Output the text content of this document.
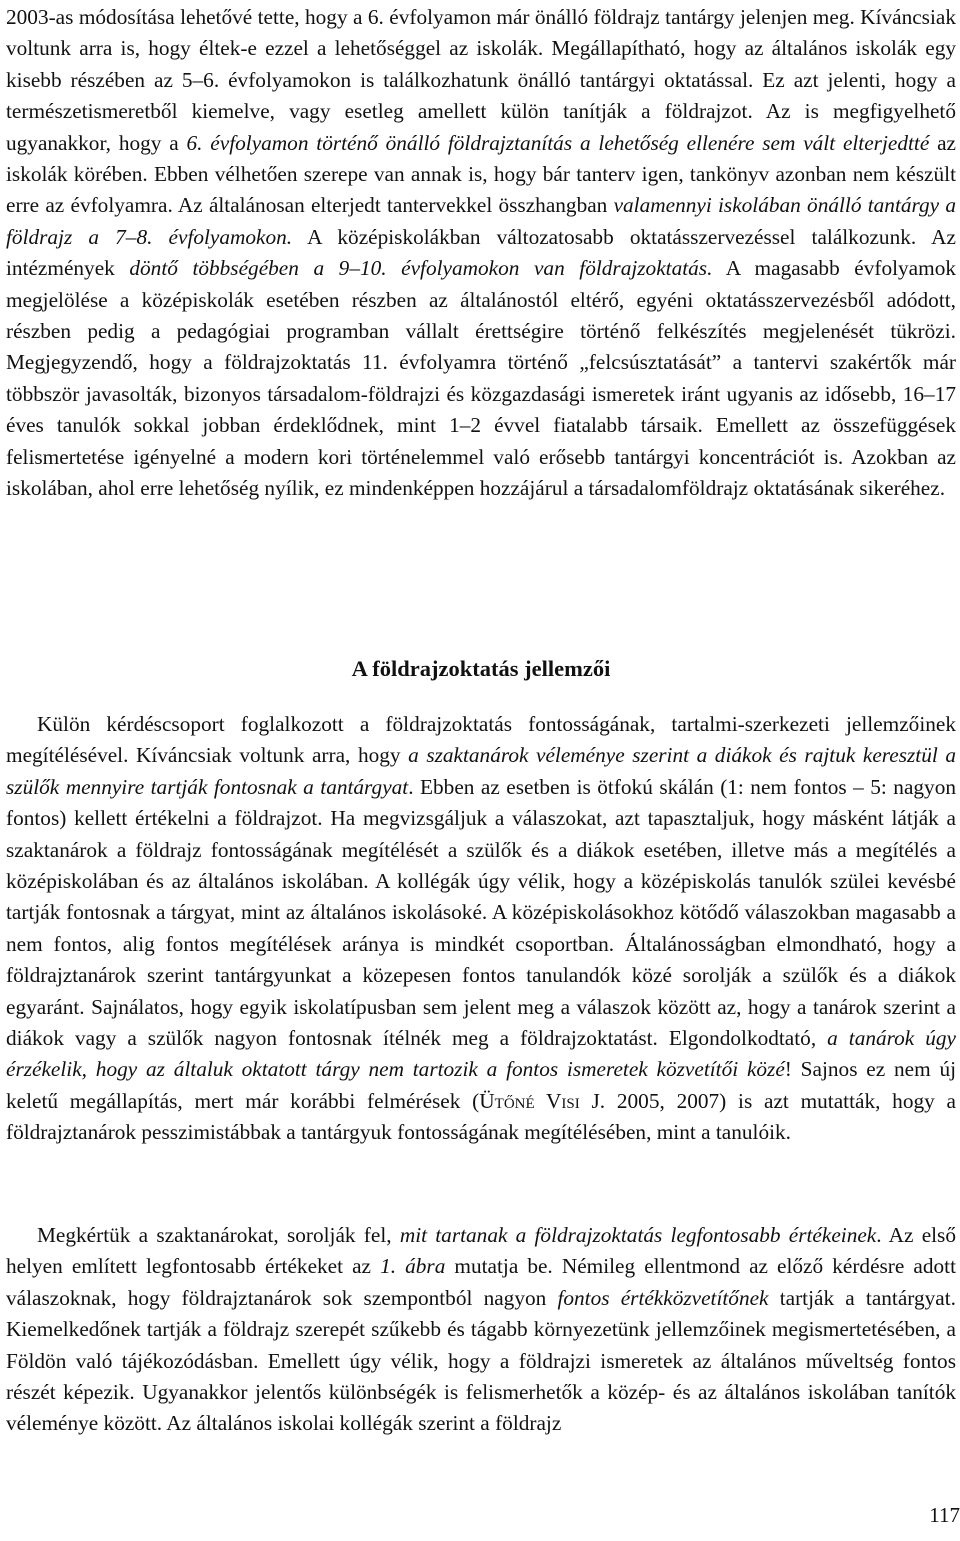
2003-as módosítása lehetővé tette, hogy a 6. évfolyamon már önálló földrajz tantárgy jelenjen meg. Kíváncsiak voltunk arra is, hogy éltek-e ezzel a lehetőséggel az iskolák. Megállapítható, hogy az általános iskolák egy kisebb részében az 5–6. évfolyamokon is találkozhatunk önálló tantárgyi oktatással. Ez azt jelenti, hogy a természetismeretből kiemelve, vagy esetleg amellett külön tanítják a földrajzot. Az is megfigyelhető ugyanakkor, hogy a 6. évfolyamon történő önálló földrajztanítás a lehetőség ellenére sem vált elterjedtté az iskolák körében. Ebben vélhetően szerepe van annak is, hogy bár tanterv igen, tankönyv azonban nem készült erre az évfolyamra. Az általánosan elterjedt tantervekkel összhangban valamennyi iskolában önálló tantárgy a földrajz a 7–8. évfolyamokon. A középiskolákban változatosabb oktatásszervezéssel találkozunk. Az intézmények döntő többségében a 9–10. évfolyamokon van földrajzoktatás. A magasabb évfolyamok megjelölése a középiskolák esetében részben az általánostól eltérő, egyéni oktatásszervezésből adódott, részben pedig a pedagógiai programban vállalt érettségire történő felkészítés megjelenését tükrözi. Megjegyzendő, hogy a földrajzoktatás 11. évfolyamra történő „felcsúsztatását” a tantervi szakértők már többször javasolták, bizonyos társadalom-földrajzi és közgazdasági ismeretek iránt ugyanis az idősebb, 16–17 éves tanulók sokkal jobban érdeklődnek, mint 1–2 évvel fiatalabb társaik. Emellett az összefüggések felismertetése igényelné a modern kori történelemmel való erősebb tantárgyi koncentrációt is. Azokban az iskolában, ahol erre lehetőség nyílik, ez mindenképpen hozzájárul a társadalomföldrajz oktatásának sikeréhez.

A földrajzoktatás jellemzői

Külön kérdéscsoport foglalkozott a földrajzoktatás fontosságának, tartalmi-szerkezeti jellemzőinek megítélésével. Kíváncsiak voltunk arra, hogy a szaktanárok véleménye szerint a diákok és rajtuk keresztül a szülők mennyire tartják fontosnak a tantárgyat. Ebben az esetben is ötfokú skálán (1: nem fontos – 5: nagyon fontos) kellett értékelni a földrajzot. Ha megvizsgáljuk a válaszokat, azt tapasztaljuk, hogy másként látják a szaktanárok a földrajz fontosságának megítélését a szülők és a diákok esetében, illetve más a megítélés a középiskolában és az általános iskolában. A kollégák úgy vélik, hogy a középiskolás tanulók szülei kevésbé tartják fontosnak a tárgyat, mint az általános iskolásoké. A középiskolásokhoz kötődő válaszokban magasabb a nem fontos, alig fontos megítélések aránya is mindkét csoportban. Általánosságban elmondható, hogy a földrajztanárok szerint tantárgyunkat a közepesen fontos tanulandók közé sorolják a szülők és a diákok egyaránt. Sajnálatos, hogy egyik iskolatípusban sem jelent meg a válaszok között az, hogy a tanárok szerint a diákok vagy a szülők nagyon fontosnak ítélnék meg a földrajzoktatást. Elgondolkodtató, a tanárok úgy érzékelik, hogy az általuk oktatott tárgy nem tartozik a fontos ismeretek közvetítői közé! Sajnos ez nem új keletű megállapítás, mert már korábbi felmérések (Ütőné Visi J. 2005, 2007) is azt mutatták, hogy a földrajztanárok pesszimistábbak a tantárgyuk fontosságának megítélésében, mint a tanulóik.

Megkértük a szaktanárokat, sorolják fel, mit tartanak a földrajzoktatás legfontosabb értékeinek. Az első helyen említett legfontosabb értékeket az 1. ábra mutatja be. Némileg ellentmond az előző kérdésre adott válaszoknak, hogy földrajztanárok sok szempontból nagyon fontos értékközvetítőnek tartják a tantárgyat. Kiemelkedőnek tartják a földrajz szerepét szűkebb és tágabb környezetünk jellemzőinek megismertetésében, a Földön való tájékozódásban. Emellett úgy vélik, hogy a földrajzi ismeretek az általános műveltség fontos részét képezik. Ugyanakkor jelentős különbségék is felismerhetők a közép- és az általános iskolában tanítók véleménye között. Az általános iskolai kollégák szerint a földrajz

117
